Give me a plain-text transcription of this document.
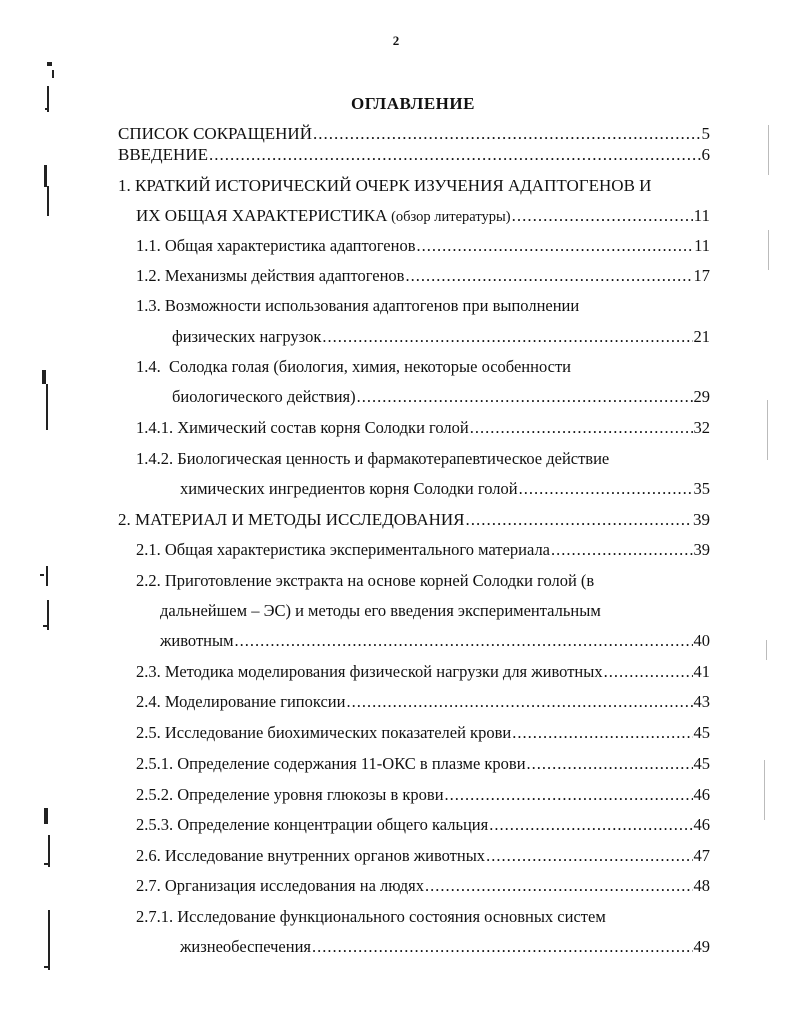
2
ОГЛАВЛЕНИЕ
СПИСОК СОКРАЩЕНИЙ .....	5
ВВЕДЕНИЕ .....	6
1. КРАТКИЙ ИСТОРИЧЕСКИЙ ОЧЕРК ИЗУЧЕНИЯ АДАПТОГЕНОВ И
ИХ ОБЩАЯ ХАРАКТЕРИСТИКА (обзор литературы) .....	11
1.1. Общая характеристика адаптогенов .....	11
1.2. Механизмы действия адаптогенов .....	17
1.3. Возможности использования адаптогенов при выполнении
физических нагрузок .....	21
1.4.  Солодка голая (биология, химия, некоторые особенности
биологического действия) .....	29
1.4.1. Химический состав корня Солодки голой .....	32
1.4.2. Биологическая ценность и фармакотерапевтическое действие
химических ингредиентов корня Солодки голой .....	35
2. МАТЕРИАЛ И МЕТОДЫ ИССЛЕДОВАНИЯ .....	39
2.1. Общая характеристика экспериментального материала .....	39
2.2. Приготовление экстракта на основе корней Солодки голой (в
дальнейшем – ЭС) и методы его введения экспериментальным
животным .....	40
2.3. Методика моделирования физической нагрузки для животных .....	41
2.4. Моделирование гипоксии .....	43
2.5. Исследование биохимических показателей крови .....	45
2.5.1. Определение содержания 11-ОКС в плазме крови .....	45
2.5.2. Определение уровня глюкозы в крови .....	46
2.5.3. Определение концентрации общего кальция .....	46
2.6. Исследование внутренних органов животных .....	47
2.7. Организация исследования на людях .....	48
2.7.1. Исследование функционального состояния основных систем
жизнеобеспечения .....	49
